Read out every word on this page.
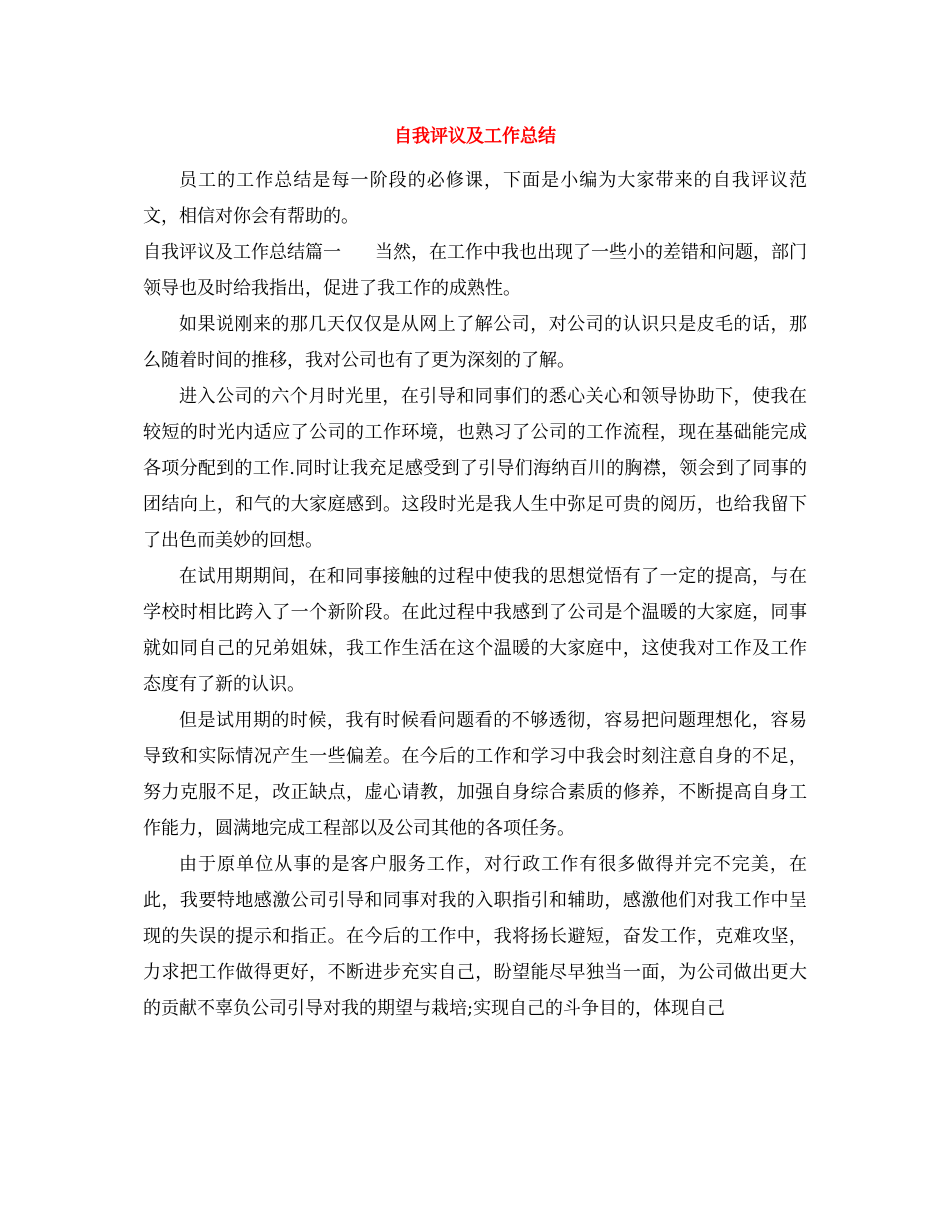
自我评议及工作总结

员工的工作总结是每一阶段的必修课，下面是小编为大家带来的自我评议范文，相信对你会有帮助的。

自我评议及工作总结篇一 当然，在工作中我也出现了一些小的差错和问题，部门领导也及时给我指出，促进了我工作的成熟性。

如果说刚来的那几天仅仅是从网上了解公司，对公司的认识只是皮毛的话，那么随着时间的推移，我对公司也有了更为深刻的了解。

进入公司的六个月时光里，在引导和同事们的悉心关心和领导协助下，使我在较短的时光内适应了公司的工作环境，也熟习了公司的工作流程，现在基础能完成各项分配到的工作.同时让我充足感受到了引导们海纳百川的胸襟，领会到了同事的团结向上，和气的大家庭感到。这段时光是我人生中弥足可贵的阅历，也给我留下了出色而美妙的回想。

在试用期期间，在和同事接触的过程中使我的思想觉悟有了一定的提高，与在学校时相比跨入了一个新阶段。在此过程中我感到了公司是个温暖的大家庭，同事就如同自己的兄弟姐妹，我工作生活在这个温暖的大家庭中，这使我对工作及工作态度有了新的认识。

但是试用期的时候，我有时候看问题看的不够透彻，容易把问题理想化，容易导致和实际情况产生一些偏差。在今后的工作和学习中我会时刻注意自身的不足，努力克服不足，改正缺点，虚心请教，加强自身综合素质的修养，不断提高自身工作能力，圆满地完成工程部以及公司其他的各项任务。

由于原单位从事的是客户服务工作，对行政工作有很多做得并完不完美，在此，我要特地感激公司引导和同事对我的入职指引和辅助，感激他们对我工作中呈现的失误的提示和指正。在今后的工作中，我将扬长避短，奋发工作，克难攻坚，力求把工作做得更好，不断进步充实自己，盼望能尽早独当一面，为公司做出更大的贡献不辜负公司引导对我的期望与栽培;实现自己的斗争目的，体现自己
